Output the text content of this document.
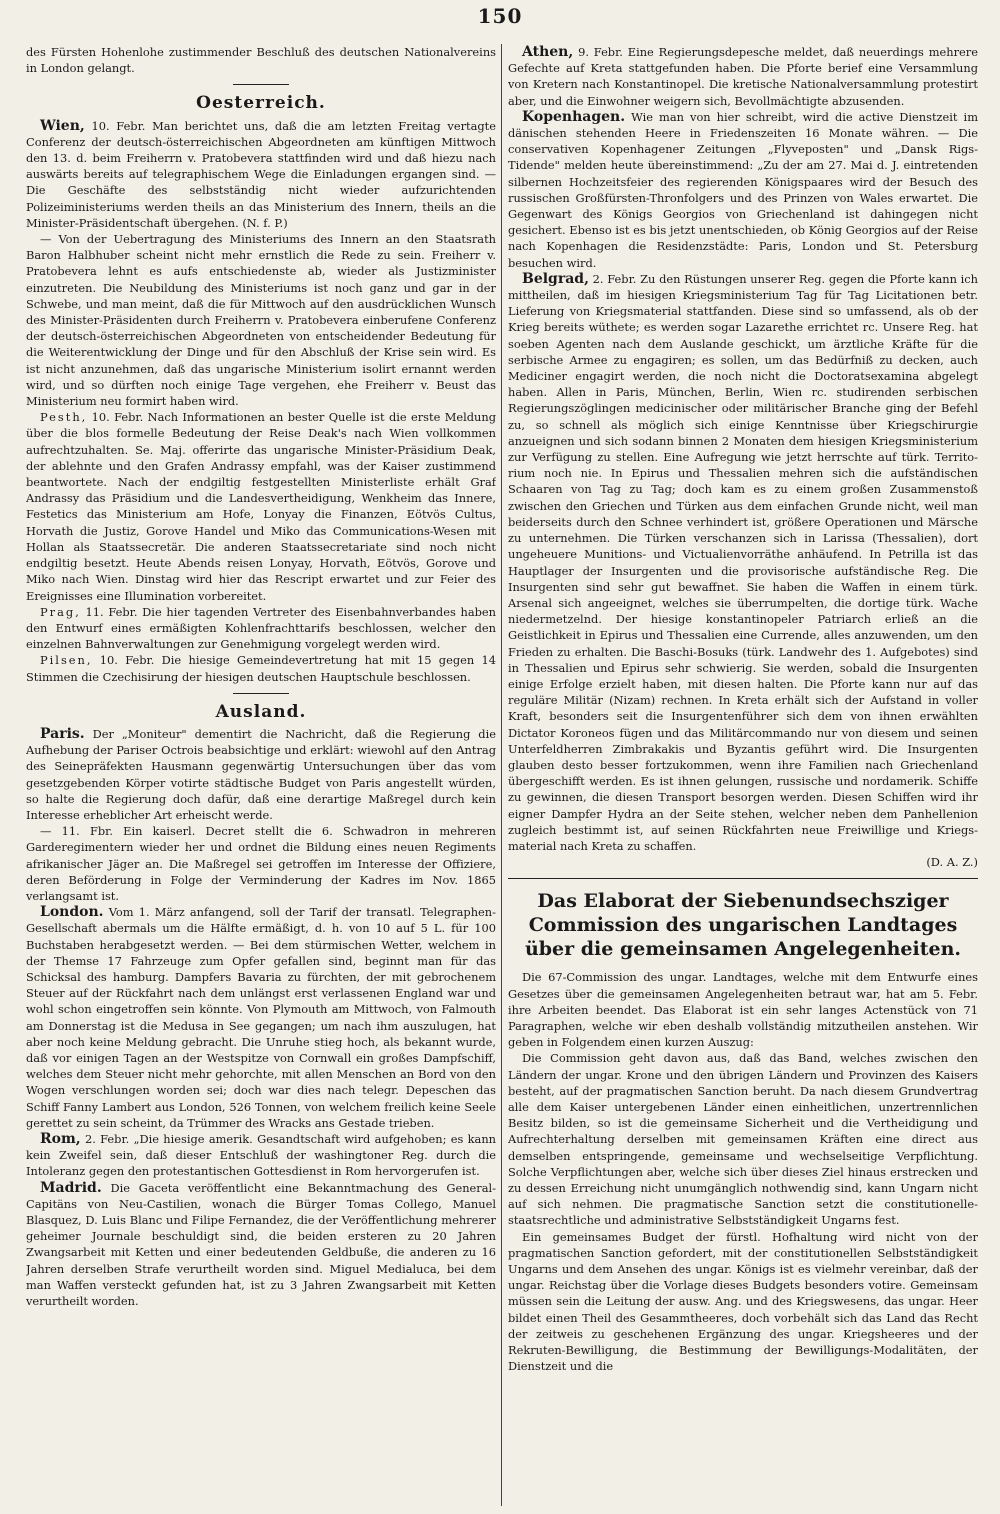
150

des Fürsten Hohenlohe zustimmender Beschluß des deutschen Nationalvereins in London gelangt.

Oesterreich.

Wien, 10. Febr. Man berichtet uns, daß die am letzten Freitag vertagte Conferenz der deutsch-österreichischen Abgeordneten am künftigen Mittwoch den 13. d. beim Freiherrn v. Pratobevera stattfinden wird und daß hiezu nach auswärts bereits auf telegraphischem Wege die Einladungen ergangen sind. — Die Geschäfte des selbstständig nicht wieder aufzurichtenden Polizeiministeriums werden theils an das Ministerium des Innern, theils an die Minister-Präsidentschaft übergehen. (N. f. P.)

— Von der Uebertragung des Ministeriums des Innern an den Staatsrath Baron Halbhuber scheint nicht mehr ernstlich die Rede zu sein. Freiherr v. Pratobevera lehnt es aufs entschiedenste ab, wieder als Justizminister einzutreten. Die Neubildung des Ministeriums ist noch ganz und gar in der Schwebe, und man meint, daß die für Mittwoch auf den ausdrücklichen Wunsch des Minister-Präsidenten durch Freiherrn v. Pratobevera einberufene Conferenz der deutsch-österreichischen Abgeordneten von entscheidender Bedeutung für die Weiterentwicklung der Dinge und für den Abschluß der Krise sein wird. Es ist nicht anzunehmen, daß das ungarische Ministerium isolirt ernannt werden wird, und so dürften noch einige Tage vergehen, ehe Freiherr v. Beust das Ministerium neu formirt haben wird.

Pesth, 10. Febr. Nach Informationen an bester Quelle ist die erste Meldung über die blos formelle Bedeutung der Reise Deak's nach Wien vollkommen aufrechtzuhalten. Se. Maj. offerirte das ungarische Minister-Präsidium Deak, der ablehnte und den Grafen Andrassy empfahl, was der Kaiser zustimmend beantwortete. Nach der endgiltig festgestellten Ministerliste erhält Graf Andrassy das Präsidium und die Landesvertheidigung, Wenkheim das Innere, Festetics das Ministerium am Hofe, Lonyay die Finanzen, Eötvös Cultus, Horvath die Justiz, Gorove Handel und Miko das Communications-Wesen mit Hollan als Staatssecretär. Die anderen Staatssecretariate sind noch nicht endgiltig besetzt. Heute Abends reisen Lonyay, Horvath, Eötvös, Gorove und Miko nach Wien. Dinstag wird hier das Rescript erwartet und zur Feier des Ereignisses eine Illumination vorbereitet.

Prag, 11. Febr. Die hier tagenden Vertreter des Eisenbahnverbandes haben den Entwurf eines ermäßigten Kohlenfrachttarifs beschlossen, welcher den einzelnen Bahnverwaltungen zur Genehmigung vorgelegt werden wird.

Pilsen, 10. Febr. Die hiesige Gemeindevertretung hat mit 15 gegen 14 Stimmen die Czechisirung der hiesigen deutschen Hauptschule beschlossen.

Ausland.

Paris. Der „Moniteur" dementirt die Nachricht, daß die Regierung die Aufhebung der Pariser Octrois beabsichtige und erklärt: wiewohl auf den Antrag des Seinepräfekten Hausmann gegenwärtig Untersuchungen über das vom gesetzgebenden Körper votirte städtische Budget von Paris angestellt würden, so halte die Regierung doch dafür, daß eine derartige Maßregel durch kein Interesse erheblicher Art erheischt werde.

— 11. Fbr. Ein kaiserl. Decret stellt die 6. Schwadron in mehreren Garderegimentern wieder her und ordnet die Bildung eines neuen Regiments afrikanischer Jäger an. Die Maßregel sei getroffen im Interesse der Offiziere, deren Beförderung in Folge der Verminderung der Kadres im Nov. 1865 verlangsamt ist.

London. Vom 1. März anfangend, soll der Tarif der transatl. Telegraphen-Gesellschaft abermals um die Hälfte ermäßigt, d. h. von 10 auf 5 L. für 100 Buchstaben herabgesetzt werden. — Bei dem stürmischen Wetter, welchem in der Themse 17 Fahrzeuge zum Opfer gefallen sind, beginnt man für das Schicksal des hamburg. Dampfers Bavaria zu fürchten, der mit gebrochenem Steuer auf der Rückfahrt nach dem unlängst erst verlassenen England war und wohl schon eingetroffen sein könnte. Von Plymouth am Mittwoch, von Falmouth am Donnerstag ist die Medusa in See gegangen; um nach ihm auszulugen, hat aber noch keine Meldung gebracht. Die Unruhe stieg hoch, als bekannt wurde, daß vor einigen Tagen an der Westspitze von Cornwall ein großes Dampfschiff, welches dem Steuer nicht mehr gehorchte, mit allen Menschen an Bord von den Wogen verschlungen worden sei; doch war dies nach telegr. Depeschen das Schiff Fanny Lambert aus London, 526 Tonnen, von welchem freilich keine Seele gerettet zu sein scheint, da Trümmer des Wracks ans Gestade trieben.

Rom, 2. Febr. „Die hiesige amerik. Gesandtschaft wird aufgehoben; es kann kein Zweifel sein, daß dieser Entschluß der washingtoner Reg. durch die Intoleranz gegen den protestantischen Gottesdienst in Rom hervorgerufen ist.

Madrid. Die Gaceta veröffentlicht eine Bekanntmachung des General-Capitäns von Neu-Castilien, wonach die Bürger Tomas Collego, Manuel Blasquez, D. Luis Blanc und Filipe Fernandez, die der Veröffentlichung mehrerer geheimer Journale beschuldigt sind, die beiden ersteren zu 20 Jahren Zwangsarbeit mit Ketten und einer bedeutenden Geldbuße, die anderen zu 16 Jahren derselben Strafe verurtheilt worden sind. Miguel Medialuca, bei dem man Waffen versteckt gefunden hat, ist zu 3 Jahren Zwangsarbeit mit Ketten verurtheilt worden.

Athen, 9. Febr. Eine Regierungsdepesche meldet, daß neuerdings mehrere Gefechte auf Kreta stattgefunden haben. Die Pforte berief eine Versammlung von Kretern nach Konstantinopel. Die kretische Nationalversammlung protestirt aber, und die Einwohner weigern sich, Bevollmächtigte abzusenden.

Kopenhagen. Wie man von hier schreibt, wird die active Dienstzeit im dänischen stehenden Heere in Friedenszeiten 16 Monate währen. — Die conservativen Kopenhagener Zeitungen „Flyveposten" und „Dansk Rigs-Tidende" melden heute übereinstimmend: „Zu der am 27. Mai d. J. eintretenden silbernen Hochzeitsfeier des regierenden Königspaares wird der Besuch des russischen Großfürsten-Thronfolgers und des Prinzen von Wales erwartet. Die Gegenwart des Königs Georgios von Griechenland ist dahingegen nicht gesichert. Ebenso ist es bis jetzt unentschieden, ob König Georgios auf der Reise nach Kopenhagen die Residenzstädte: Paris, London und St. Petersburg besuchen wird.

Belgrad, 2. Febr. Zu den Rüstungen unserer Reg. gegen die Pforte kann ich mittheilen, daß im hiesigen Kriegsministerium Tag für Tag Licitationen betr. Lieferung von Kriegsmaterial stattfanden. Diese sind so umfassend, als ob der Krieg bereits wüthete; es werden sogar Lazarethe errichtet rc. Unsere Reg. hat soeben Agenten nach dem Auslande geschickt, um ärztliche Kräfte für die serbische Armee zu engagiren; es sollen, um das Bedürfniß zu decken, auch Mediciner engagirt werden, die noch nicht die Doctoratsexamina abgelegt haben. Allen in Paris, München, Berlin, Wien rc. studirenden serbischen Regierungszöglingen medicinischer oder militärischer Branche ging der Befehl zu, so schnell als möglich sich einige Kenntnisse über Kriegschirurgie anzueignen und sich sodann binnen 2 Monaten dem hiesigen Kriegsministerium zur Verfügung zu stellen. Eine Aufregung wie jetzt herrschte auf türk. Territorium noch nie. In Epirus und Thessalien mehren sich die aufständischen Schaaren von Tag zu Tag; doch kam es zu einem großen Zusammenstoß zwischen den Griechen und Türken aus dem einfachen Grunde nicht, weil man beiderseits durch den Schnee verhindert ist, größere Operationen und Märsche zu unternehmen. Die Türken verschanzen sich in Larissa (Thessalien), dort ungeheuere Munitions- und Victualienvorräthe anhäufend. In Petrilla ist das Hauptlager der Insurgenten und die provisorische aufständische Reg. Die Insurgenten sind sehr gut bewaffnet. Sie haben die Waffen in einem türk. Arsenal sich angeeignet, welches sie überrumpelten, die dortige türk. Wache niedermetzelnd. Der hiesige konstantinopeler Patriarch erließ an die Geistlichkeit in Epirus und Thessalien eine Currende, alles anzuwenden, um den Frieden zu erhalten. Die Baschi-Bosuks (türk. Landwehr des 1. Aufgebotes) sind in Thessalien und Epirus sehr schwierig. Sie werden, sobald die Insurgenten einige Erfolge erzielt haben, mit diesen halten. Die Pforte kann nur auf das reguläre Militär (Nizam) rechnen. In Kreta erhält sich der Aufstand in voller Kraft, besonders seit die Insurgentenführer sich dem von ihnen erwählten Dictator Koroneos fügen und das Militärcommando nur von diesem und seinen Unterfeldherren Zimbrakakis und Byzantis geführt wird. Die Insurgenten glauben desto besser fortzukommen, wenn ihre Familien nach Griechenland übergeschifft werden. Es ist ihnen gelungen, russische und nordamerik. Schiffe zu gewinnen, die diesen Transport besorgen werden. Diesen Schiffen wird ihr eigner Dampfer Hydra an der Seite stehen, welcher neben dem Panhellenion zugleich bestimmt ist, auf seinen Rückfahrten neue Freiwillige und Kriegsmaterial nach Kreta zu schaffen.

(D. A. Z.)
Das Elaborat der Siebenundsechsziger Commission des ungarischen Landtages über die gemeinsamen Angelegenheiten.

Die 67-Commission des ungar. Landtages, welche mit dem Entwurfe eines Gesetzes über die gemeinsamen Angelegenheiten betraut war, hat am 5. Febr. ihre Arbeiten beendet. Das Elaborat ist ein sehr langes Actenstück von 71 Paragraphen, welche wir eben deshalb vollständig mitzutheilen anstehen. Wir geben in Folgendem einen kurzen Auszug:

Die Commission geht davon aus, daß das Band, welches zwischen den Ländern der ungar. Krone und den übrigen Ländern und Provinzen des Kaisers besteht, auf der pragmatischen Sanction beruht. Da nach diesem Grundvertrag alle dem Kaiser untergebenen Länder einen einheitlichen, unzertrennlichen Besitz bilden, so ist die gemeinsame Sicherheit und die Vertheidigung und Aufrechterhaltung derselben mit gemeinsamen Kräften eine direct aus demselben entspringende, gemeinsame und wechselseitige Verpflichtung. Solche Verpflichtungen aber, welche sich über dieses Ziel hinaus erstrecken und zu dessen Erreichung nicht unumgänglich nothwendig sind, kann Ungarn nicht auf sich nehmen. Die pragmatische Sanction setzt die constitutionelle- staatsrechtliche und administrative Selbstständigkeit Ungarns fest.

Ein gemeinsames Budget der fürstl. Hofhaltung wird nicht von der pragmatischen Sanction gefordert, mit der constitutionellen Selbstständigkeit Ungarns und dem Ansehen des ungar. Königs ist es vielmehr vereinbar, daß der ungar. Reichstag über die Vorlage dieses Budgets besonders votire. Gemeinsam müssen sein die Leitung der ausw. Ang. und des Kriegswesens, das ungar. Heer bildet einen Theil des Gesammtheeres, doch vorbehält sich das Land das Recht der zeitweis zu geschehenen Ergänzung des ungar. Kriegsheeres und der Rekruten-Bewilligung, die Bestimmung der Bewilligungs-Modalitäten, der Dienstzeit und die
